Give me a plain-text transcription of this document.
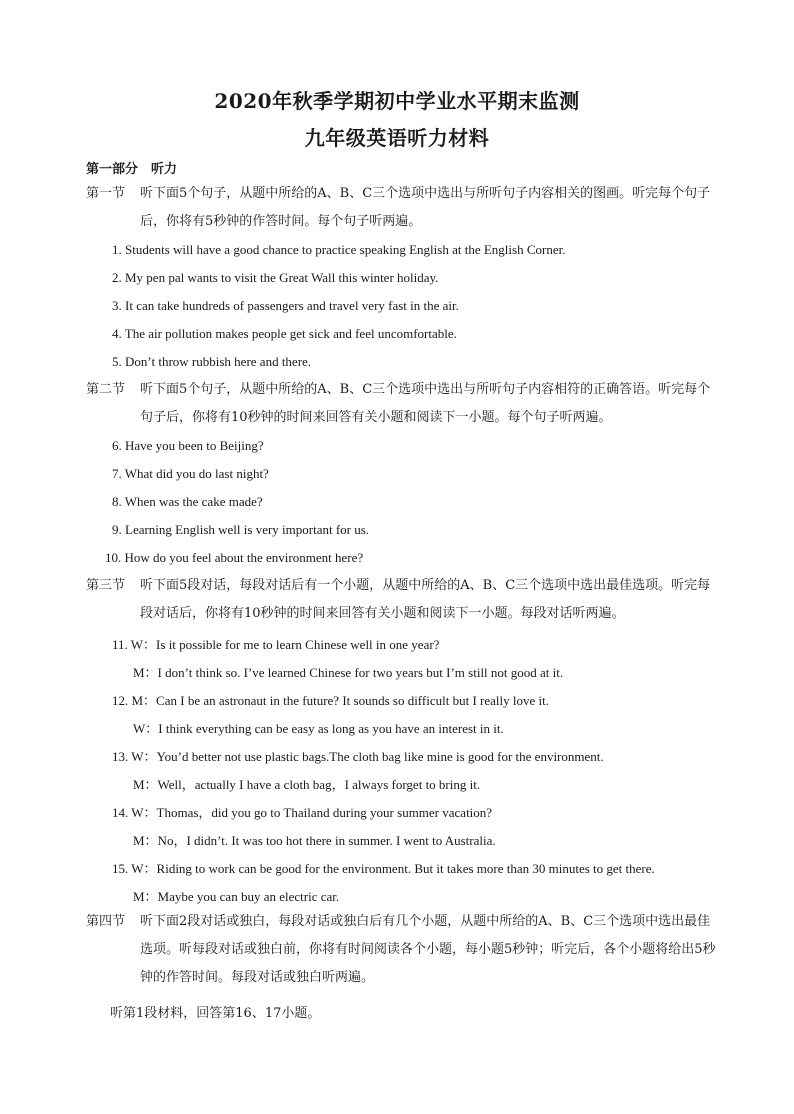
2020年秋季学期初中学业水平期末监测
九年级英语听力材料
第一部分　听力
第一节 听下面5个句子，从题中所给的A、B、C三个选项中选出与所听句子内容相关的图画。听完每个句子后，你将有5秒钟的作答时间。每个句子听两遍。
1. Students will have a good chance to practice speaking English at the English Corner.
2. My pen pal wants to visit the Great Wall this winter holiday.
3. It can take hundreds of passengers and travel very fast in the air.
4. The air pollution makes people get sick and feel uncomfortable.
5. Don’t throw rubbish here and there.
第二节 听下面5个句子，从题中所给的A、B、C三个选项中选出与所听句子内容相符的正确答语。听完每个句子后，你将有10秒钟的时间来回答有关小题和阅读下一小题。每个句子听两遍。
6. Have you been to Beijing?
7. What did you do last night?
8. When was the cake made?
9. Learning English well is very important for us.
10. How do you feel about the environment here?
第三节 听下面5段对话，每段对话后有一个小题，从题中所给的A、B、C三个选项中选出最佳选项。听完每段对话后，你将有10秒钟的时间来回答有关小题和阅读下一小题。每段对话听两遍。
11. W：Is it possible for me to learn Chinese well in one year?
M：I don’t think so. I’ve learned Chinese for two years but I’m still not good at it.
12. M：Can I be an astronaut in the future? It sounds so difficult but I really love it.
W：I think everything can be easy as long as you have an interest in it.
13. W：You’d better not use plastic bags.The cloth bag like mine is good for the environment.
M：Well，actually I have a cloth bag，I always forget to bring it.
14. W：Thomas，did you go to Thailand during your summer vacation?
M：No，I didn’t. It was too hot there in summer. I went to Australia.
15. W：Riding to work can be good for the environment. But it takes more than 30 minutes to get there.
M：Maybe you can buy an electric car.
第四节 听下面2段对话或独白，每段对话或独白后有几个小题，从题中所给的A、B、C三个选项中选出最佳选项。听每段对话或独白前，你将有时间阅读各个小题，每小题5秒钟；听完后，各个小题将给出5秒钟的作答时间。每段对话或独白听两遍。
听第1段材料，回答第16、17小题。
